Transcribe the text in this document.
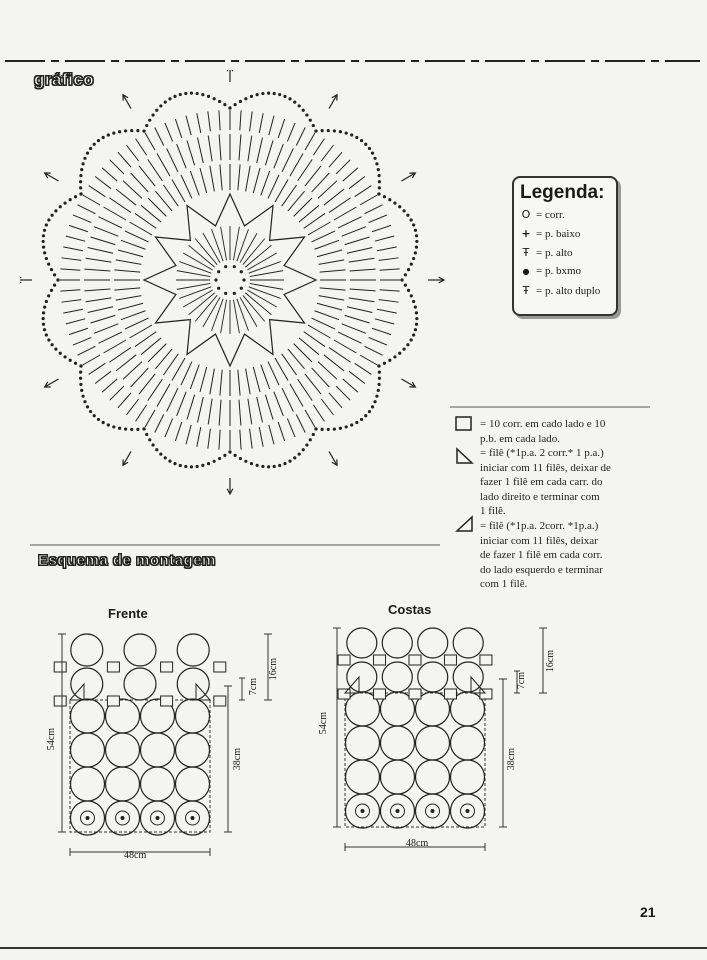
gráfico
Legenda:
O = corr.
+ = p. baixo
Ŧ = p. alto
● = p. bxmo
Ŧ = p. alto duplo
= 10 corr. em cado lado e 10
p.b. em cada lado.
= filê (*1p.a. 2 corr.* 1 p.a.)
iniciar com 11 filês, deixar de
fazer 1 filê em cada carr. do
lado direito e terminar com
1 filê.
= filê (*1p.a. 2corr. *1p.a.)
iniciar com 11 filês, deixar
de fazer 1 filê em cada corr.
do lado esquerdo e terminar
com 1 filê.
Esquema de montagem
Frente	Costas
54cm
16cm
7cm
38cm
48cm
54cm
16cm
7cm
38cm
48cm
21
